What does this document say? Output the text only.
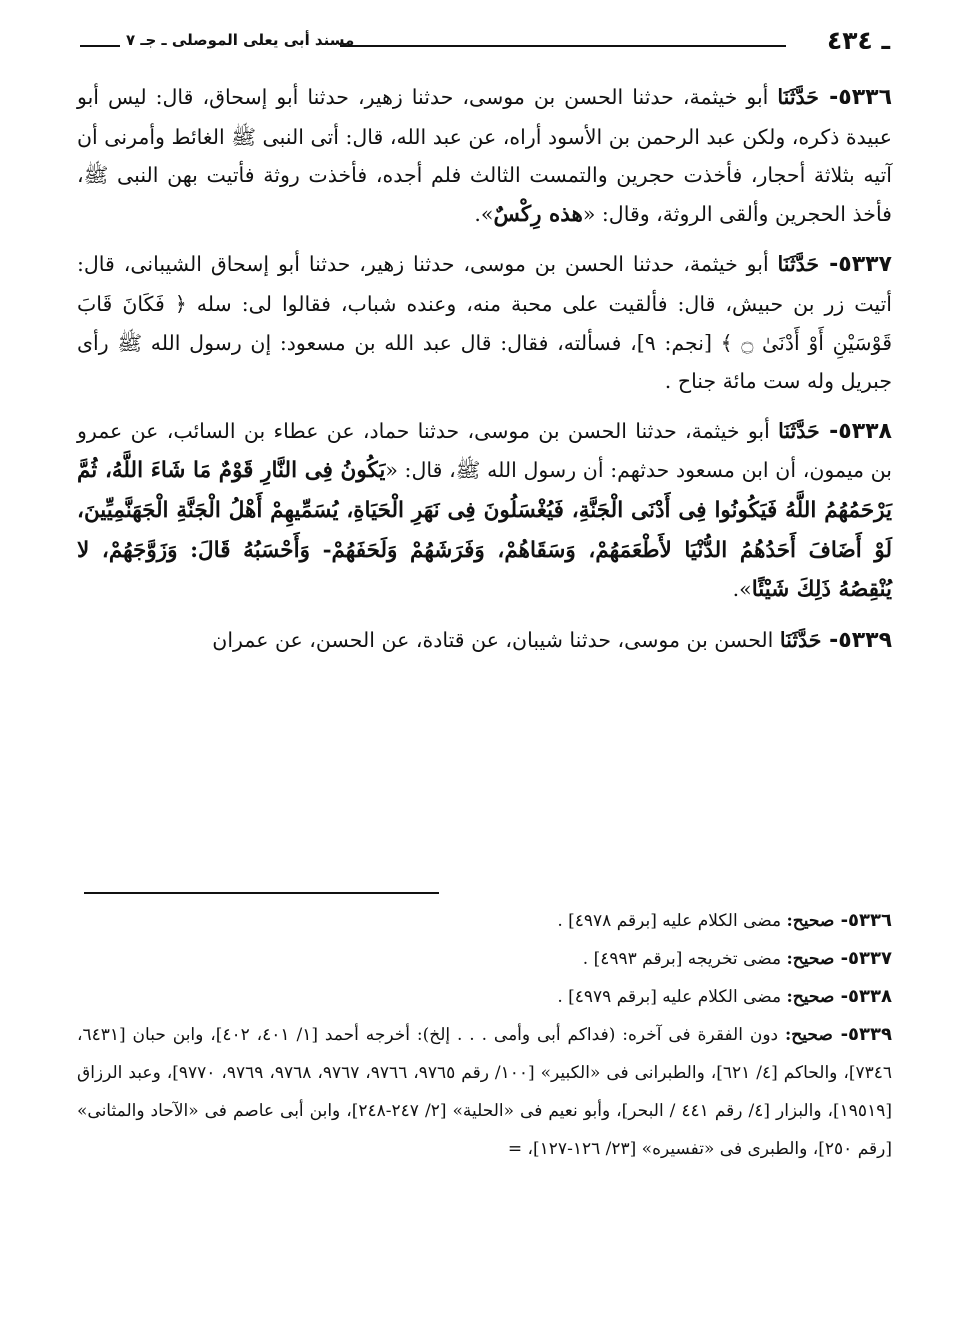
ـ ٤٣٤
مسند أبى يعلى الموصلى ـ جـ ٧

٥٣٣٦- حَدَّثَنَا أبو خيثمة، حدثنا الحسن بن موسى، حدثنا زهير، حدثنا أبو إسحاق، قال: ليس أبو عبيدة ذكره، ولكن عبد الرحمن بن الأسود أراه، عن عبد الله، قال: أتى النبى ﷺ الغائط وأمرنى أن آتيه بثلاثة أحجار، فأخذت حجرين والتمست الثالث فلم أجده، فأخذت روثة فأتيت بهن النبى ﷺ، فأخذ الحجرين وألقى الروثة، وقال: «هذه رِكْسٌ».

٥٣٣٧- حَدَّثَنَا أبو خيثمة، حدثنا الحسن بن موسى، حدثنا زهير، حدثنا أبو إسحاق الشيبانى، قال: أتيت زر بن حبيش، قال: فألقيت على محبة منه، وعنده شباب، فقالوا لى: سله ﴿ فَكَانَ قَابَ قَوْسَيْنِ أَوْ أَدْنَىٰ ۝ ﴾ [نجم: ٩]، فسألته، فقال: قال عبد الله بن مسعود: إن رسول الله ﷺ رأى جبريل وله ست مائة جناح .

٥٣٣٨- حَدَّثَنَا أبو خيثمة، حدثنا الحسن بن موسى، حدثنا حماد، عن عطاء بن السائب، عن عمرو بن ميمون، أن ابن مسعود حدثهم: أن رسول الله ﷺ، قال: «يَكُونُ فِى النَّارِ قَوْمٌ مَا شَاءَ اللَّهُ، ثُمَّ يَرْحَمُهُمُ اللَّهُ فَيَكُونُوا فِى أَدْنَى الْجَنَّةِ، فَيُغْسَلُونَ فِى نَهَرِ الْحَيَاةِ، يُسَمِّيهِمْ أَهْلُ الْجَنَّةِ الْجَهَنَّمِيِّينَ، لَوْ أَضَافَ أَحَدُهُمُ الدُّنْيَا لأَطْعَمَهُمْ، وَسَقَاهُمْ، وَفَرَشَهُمْ وَلَحَفَهُمْ- وَأَحْسَبُهُ قَالَ: وَزَوَّجَهُمْ، لا يُنْقِصُهُ ذَلِكَ شَيْئًا».

٥٣٣٩- حَدَّثَنَا الحسن بن موسى، حدثنا شيبان، عن قتادة، عن الحسن، عن عمران

٥٣٣٦- صحيح: مضى الكلام عليه [برقم ٤٩٧٨] .

٥٣٣٧- صحيح: مضى تخريجه [برقم ٤٩٩٣] .

٥٣٣٨- صحيح: مضى الكلام عليه [برقم ٤٩٧٩] .

٥٣٣٩- صحيح: دون الفقرة فى آخره: (فداكم أبى وأمى . . . إلخ): أخرجه أحمد [١/ ٤٠١، ٤٠٢]، وابن حبان [٦٤٣١، ٧٣٤٦]، والحاكم [٤/ ٦٢١]، والطبرانى فى «الكبير» [١٠٠/ رقم ٩٧٦٥، ٩٧٦٦، ٩٧٦٧، ٩٧٦٨، ٩٧٦٩، ٩٧٧٠]، وعبد الرزاق [١٩٥١٩]، والبزار [٤/ رقم ٤٤١ / البحر]، وأبو نعيم فى «الحلية» [٢/ ٢٤٧-٢٤٨]، وابن أبى عاصم فى «الآحاد والمثانى» [رقم ٢٥٠]، والطبرى فى «تفسيره» [٢٣/ ١٢٦-١٢٧]، =
